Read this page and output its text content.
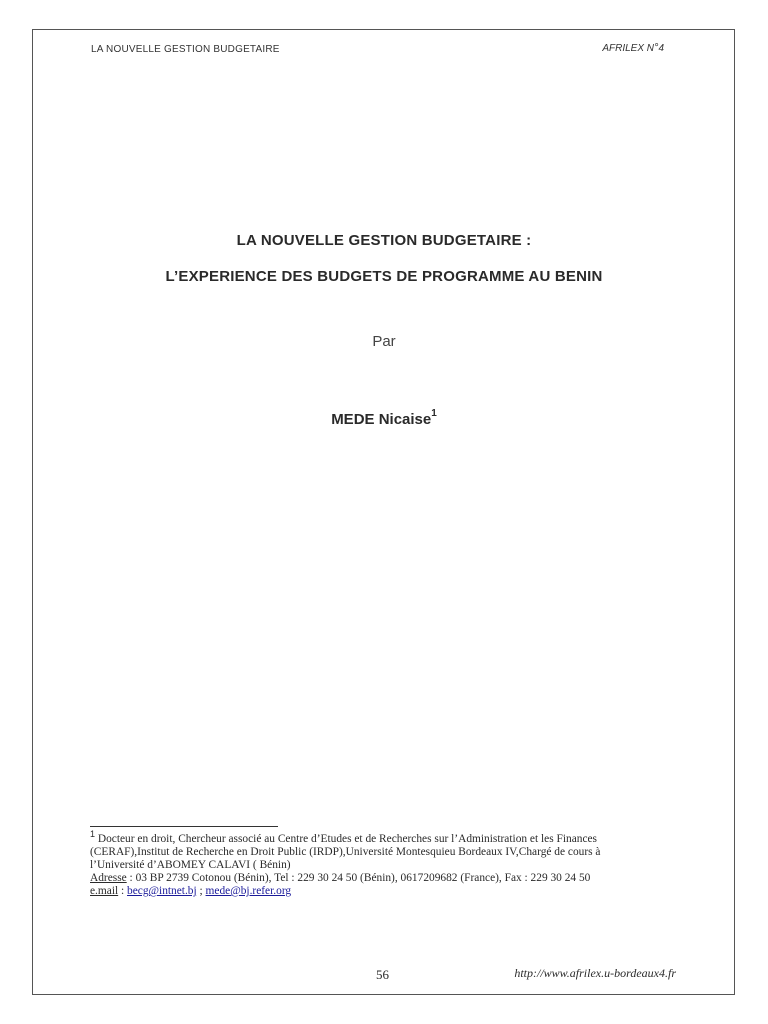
LA NOUVELLE GESTION BUDGETAIRE	AFRILEX N°4
LA NOUVELLE GESTION BUDGETAIRE :
L’EXPERIENCE DES BUDGETS DE PROGRAMME AU BENIN
Par
MEDE Nicaise$^1$
$^1$ Docteur en droit, Chercheur associé au Centre d’Etudes et de Recherches sur l’Administration et les Finances
(CERAF),Institut de Recherche en Droit Public (IRDP),Université Montesquieu Bordeaux IV,Chargé de cours à
l’Université d’ABOMEY CALAVI ( Bénin)
Adresse : 03 BP 2739 Cotonou (Bénin), Tel : 229 30 24 50 (Bénin), 0617209682 (France), Fax : 229 30 24 50
e.mail : becg@intnet.bj ; mede@bj.refer.org
56	http://www.afrilex.u-bordeaux4.fr
